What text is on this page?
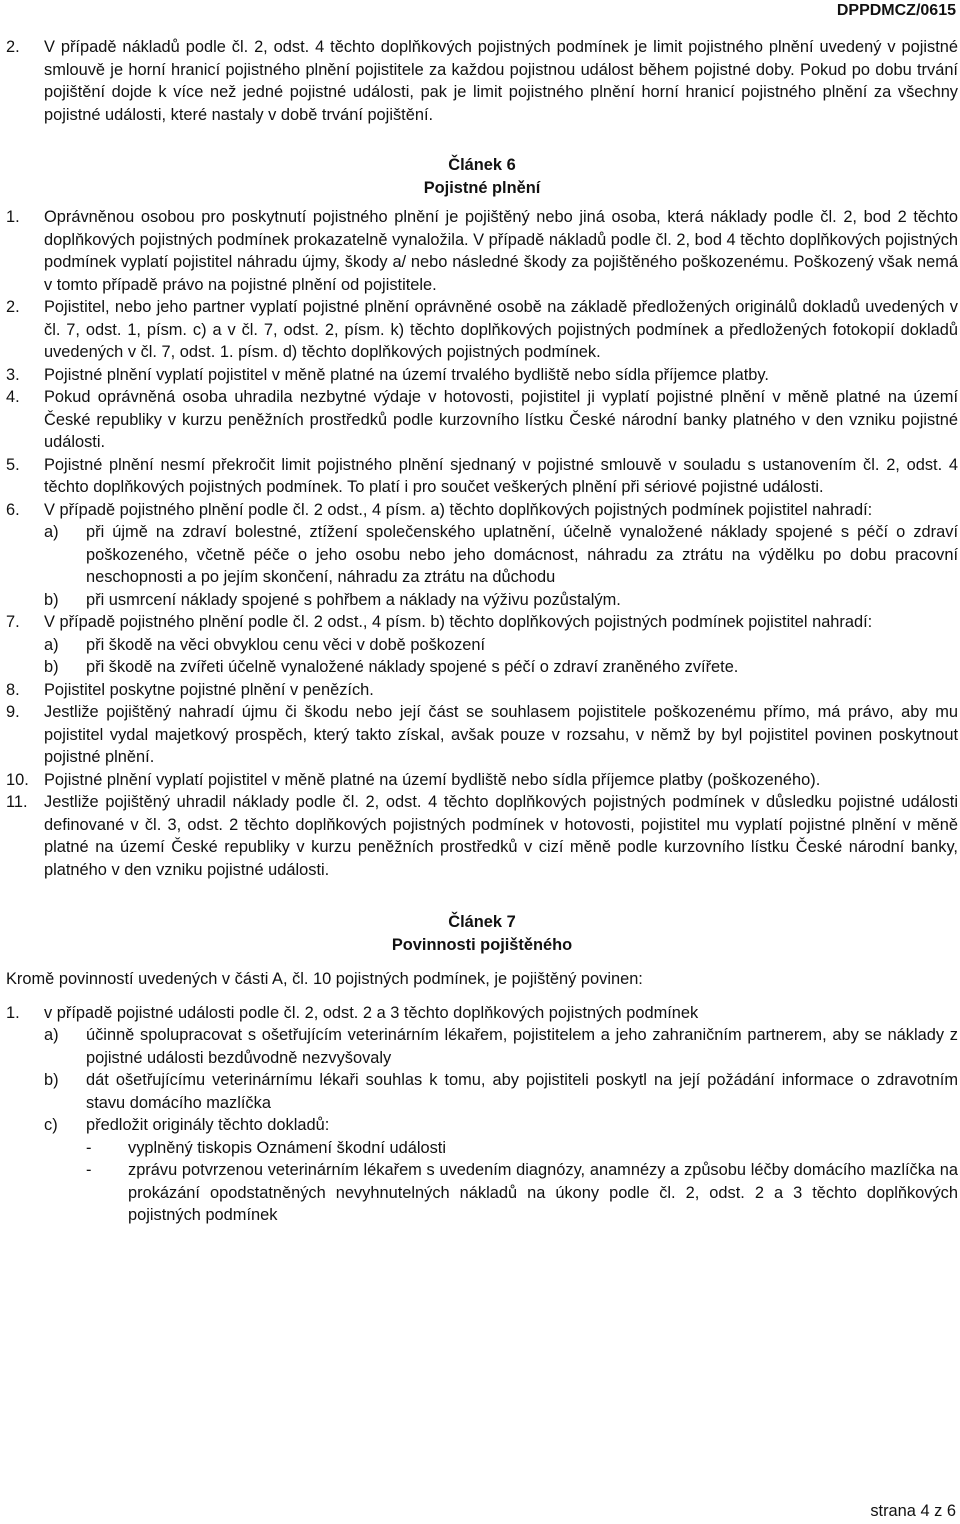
DPPDMCZ/0615
2.	V případě nákladů podle čl. 2, odst. 4 těchto doplňkových pojistných podmínek je limit pojistného plnění uvedený v pojistné smlouvě je horní hranicí pojistného plnění pojistitele za každou pojistnou událost během pojistné doby. Pokud po dobu trvání pojištění dojde k více než jedné pojistné události, pak je limit pojistného plnění horní hranicí pojistného plnění za všechny pojistné události, které nastaly v době trvání pojištění.
Článek 6
Pojistné plnění
1.	Oprávněnou osobou pro poskytnutí pojistného plnění je pojištěný nebo jiná osoba, která náklady podle čl. 2, bod 2 těchto doplňkových pojistných podmínek prokazatelně vynaložila. V případě nákladů podle čl. 2, bod 4 těchto doplňkových pojistných podmínek vyplatí pojistitel náhradu újmy, škody a/ nebo následné škody za pojištěného poškozenému. Poškozený však nemá v tomto případě právo na pojistné plnění od pojistitele.
2.	Pojistitel, nebo jeho partner vyplatí pojistné plnění oprávněné osobě na základě předložených originálů dokladů uvedených v čl. 7, odst. 1, písm. c) a v čl. 7, odst. 2, písm. k) těchto doplňkových pojistných podmínek a předložených fotokopií dokladů uvedených v čl. 7, odst. 1. písm. d) těchto doplňkových pojistných podmínek.
3.	Pojistné plnění vyplatí pojistitel v měně platné na území trvalého bydliště nebo sídla příjemce platby.
4.	Pokud oprávněná osoba uhradila nezbytné výdaje v hotovosti, pojistitel ji vyplatí pojistné plnění v měně platné na území České republiky v kurzu peněžních prostředků podle kurzovního lístku České národní banky platného v den vzniku pojistné události.
5.	Pojistné plnění nesmí překročit limit pojistného plnění sjednaný v pojistné smlouvě v souladu s ustanovením čl. 2, odst. 4 těchto doplňkových pojistných podmínek. To platí i pro součet veškerých plnění při sériové pojistné události.
6.	V případě pojistného plnění podle čl. 2 odst., 4 písm. a) těchto doplňkových pojistných podmínek pojistitel nahradí:
a)	při újmě na zdraví bolestné, ztížení společenského uplatnění, účelně vynaložené náklady spojené s péčí o zdraví poškozeného, včetně péče o jeho osobu nebo jeho domácnost, náhradu za ztrátu na výdělku po dobu pracovní neschopnosti a po jejím skončení, náhradu za ztrátu na důchodu
b)	při usmrcení náklady spojené s pohřbem a náklady na výživu pozůstalým.
7.	V případě pojistného plnění podle čl. 2 odst., 4 písm. b) těchto doplňkových pojistných podmínek pojistitel nahradí:
a)	při škodě na věci obvyklou cenu věci v době poškození
b)	při škodě na zvířeti účelně vynaložené náklady spojené s péčí o zdraví zraněného zvířete.
8.	Pojistitel poskytne pojistné plnění v penězích.
9.	Jestliže pojištěný nahradí újmu či škodu nebo její část se souhlasem pojistitele poškozenému přímo, má právo, aby mu pojistitel vydal majetkový prospěch, který takto získal, avšak pouze v rozsahu, v němž by byl pojistitel povinen poskytnout pojistné plnění.
10. Pojistné plnění vyplatí pojistitel v měně platné na území bydliště nebo sídla příjemce platby (poškozeného).
11.	Jestliže pojištěný uhradil náklady podle čl. 2, odst. 4 těchto doplňkových pojistných podmínek v důsledku pojistné události definované v čl. 3, odst. 2 těchto doplňkových pojistných podmínek v hotovosti, pojistitel mu vyplatí pojistné plnění v měně platné na území České republiky v kurzu peněžních prostředků v cizí měně podle kurzovního lístku České národní banky, platného v den vzniku pojistné události.
Článek 7
Povinnosti pojištěného
Kromě povinností uvedených v části A, čl. 10 pojistných podmínek, je pojištěný povinen:
1.	v případě pojistné události podle čl. 2, odst. 2 a 3 těchto doplňkových pojistných podmínek
a)	účinně spolupracovat s ošetřujícím veterinárním lékařem, pojistitelem a jeho zahraničním partnerem, aby se náklady z pojistné události bezdůvodně nezvyšovaly
b)	dát ošetřujícímu veterinárnímu lékaři souhlas k tomu, aby pojistiteli poskytl na její požádání informace o zdravotním stavu domácího mazlíčka
c)	předložit originály těchto dokladů:
-	vyplněný tiskopis Oznámení škodní události
-	zprávu potvrzenou veterinárním lékařem s uvedením diagnózy, anamnézy a způsobu léčby domácího mazlíčka na prokázání opodstatněných nevyhnutelných nákladů na úkony podle čl. 2, odst. 2 a 3 těchto doplňkových pojistných podmínek
strana 4 z 6
